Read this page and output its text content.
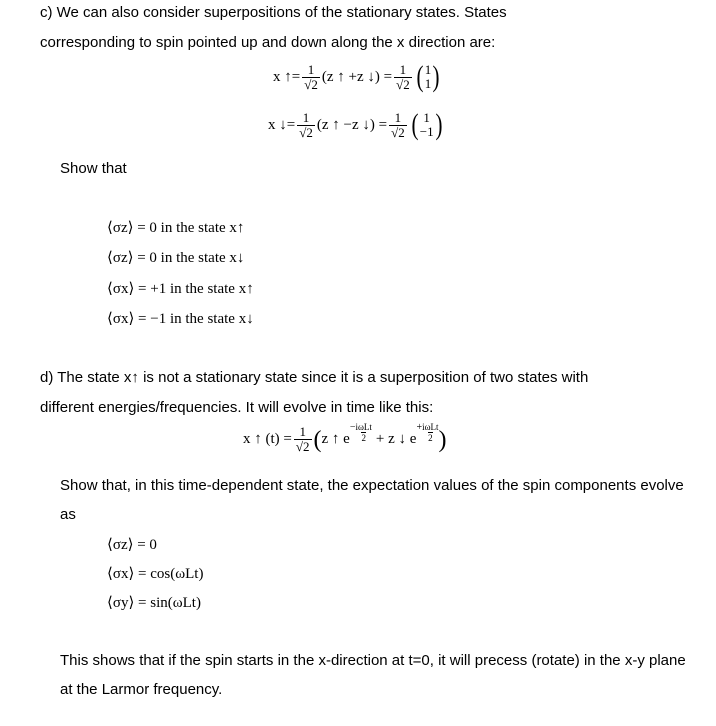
c) We can also consider superpositions of the stationary states. States
corresponding to spin pointed up and down along the x direction are:
x ↑= $\frac{1}{√2} (z$ ↑ +z ↓) = $\frac{1}{√2}$ ( 1
1 )
x ↓= $\frac{1}{√2} (z$ ↑ −z ↓) = $\frac{1}{√2}$ ( 1
−1 )
Show that
⟨σz⟩ = 0 in the state x↑
⟨σz⟩ = 0 in the state x↓
⟨σx⟩ = +1 in the state x↑
⟨σx⟩ = −1 in the state x↓
d) The state x↑ is not a stationary state since it is a superposition of two states with
different energies/frequencies. It will evolve in time like this:
x ↑ $(t) = \frac{1}{√2}$ ( z ↑ e
− iωLt
2 + z ↓ e
+ iωLt
2 )
Show that, in this time-dependent state, the expectation values of the spin components evolve
as
⟨σz⟩ = 0
⟨σx⟩ = cos(ωLt)
⟨σy⟩ = sin(ωLt)
This shows that if the spin starts in the x-direction at t=0, it will precess (rotate) in the x-y plane
at the Larmor frequency.
